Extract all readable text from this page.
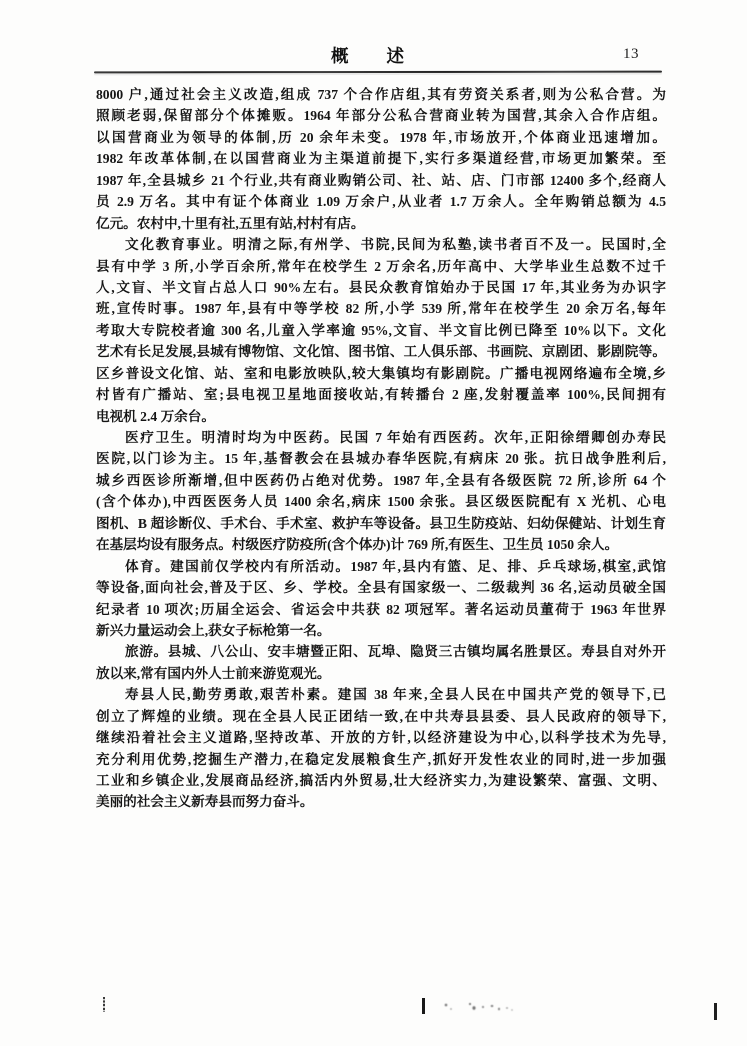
概　　述	13
8000 户,通过社会主义改造,组成 737 个合作店组,其有劳资关系者,则为公私合营。为
照顾老弱,保留部分个体摊贩。1964 年部分公私合营商业转为国营,其余入合作店组。
以国营商业为领导的体制,历 20 余年未变。1978 年,市场放开,个体商业迅速增加。
1982 年改革体制,在以国营商业为主渠道前提下,实行多渠道经营,市场更加繁荣。至
1987 年,全县城乡 21 个行业,共有商业购销公司、社、站、店、门市部 12400 多个,经商人
员 2.9 万名。其中有证个体商业 1.09 万余户,从业者 1.7 万余人。全年购销总额为 4.5
亿元。农村中,十里有社,五里有站,村村有店。
文化教育事业。明清之际,有州学、书院,民间为私塾,读书者百不及一。民国时,全
县有中学 3 所,小学百余所,常年在校学生 2 万余名,历年高中、大学毕业生总数不过千
人,文盲、半文盲占总人口 90%左右。县民众教育馆始办于民国 17 年,其业务为办识字
班,宣传时事。1987 年,县有中等学校 82 所,小学 539 所,常年在校学生 20 余万名,每年
考取大专院校者逾 300 名,儿童入学率逾 95%,文盲、半文盲比例已降至 10%以下。文化
艺术有长足发展,县城有博物馆、文化馆、图书馆、工人俱乐部、书画院、京剧团、影剧院等。
区乡普设文化馆、站、室和电影放映队,较大集镇均有影剧院。广播电视网络遍布全境,乡
村皆有广播站、室;县电视卫星地面接收站,有转播台 2 座,发射覆盖率 100%,民间拥有
电视机 2.4 万余台。
医疗卫生。明清时均为中医药。民国 7 年始有西医药。次年,正阳徐缙卿创办寿民
医院,以门诊为主。15 年,基督教会在县城办春华医院,有病床 20 张。抗日战争胜利后,
城乡西医诊所渐增,但中医药仍占绝对优势。1987 年,全县有各级医院 72 所,诊所 64 个
(含个体办),中西医医务人员 1400 余名,病床 1500 余张。县区级医院配有 X 光机、心电
图机、B 超诊断仪、手术台、手术室、救护车等设备。县卫生防疫站、妇幼保健站、计划生育
在基层均设有服务点。村级医疗防疫所(含个体办)计 769 所,有医生、卫生员 1050 余人。
体育。建国前仅学校内有所活动。1987 年,县内有篮、足、排、乒乓球场,棋室,武馆
等设备,面向社会,普及于区、乡、学校。全县有国家级一、二级裁判 36 名,运动员破全国
纪录者 10 项次;历届全运会、省运会中共获 82 项冠军。著名运动员董荷于 1963 年世界
新兴力量运动会上,获女子标枪第一名。
旅游。县城、八公山、安丰塘暨正阳、瓦埠、隐贤三古镇均属名胜景区。寿县自对外开
放以来,常有国内外人士前来游览观光。
寿县人民,勤劳勇敢,艰苦朴素。建国 38 年来,全县人民在中国共产党的领导下,已
创立了辉煌的业绩。现在全县人民正团结一致,在中共寿县县委、县人民政府的领导下,
继续沿着社会主义道路,坚持改革、开放的方针,以经济建设为中心,以科学技术为先导,
充分利用优势,挖掘生产潜力,在稳定发展粮食生产,抓好开发性农业的同时,进一步加强
工业和乡镇企业,发展商品经济,搞活内外贸易,壮大经济实力,为建设繁荣、富强、文明、
美丽的社会主义新寿县而努力奋斗。
